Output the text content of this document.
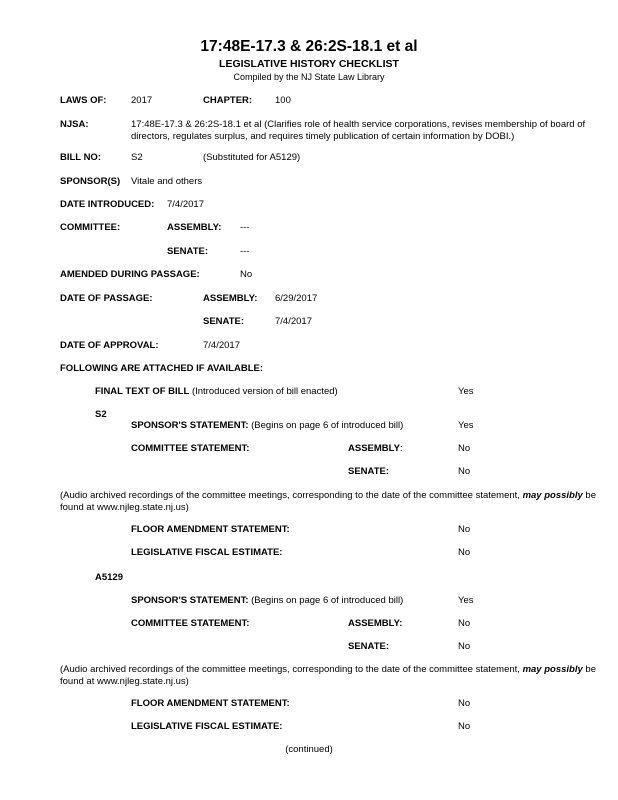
17:48E-17.3 & 26:2S-18.1 et al
LEGISLATIVE HISTORY CHECKLIST
Compiled by the NJ State Law Library
LAWS OF:	2017	CHAPTER: 100
NJSA:	17:48E-17.3 & 26:2S-18.1 et al (Clarifies role of health service corporations, revises membership of board of directors, regulates surplus, and requires timely publication of certain information by DOBI.)
BILL NO:	S2	(Substituted for A5129)
SPONSOR(S) Vitale and others
DATE INTRODUCED: 7/4/2017
COMMITTEE:	ASSEMBLY: ---
SENATE:	---
AMENDED DURING PASSAGE:	No
DATE OF PASSAGE:	ASSEMBLY: 6/29/2017
SENATE:	7/4/2017
DATE OF APPROVAL:	7/4/2017
FOLLOWING ARE ATTACHED IF AVAILABLE:
FINAL TEXT OF BILL (Introduced version of bill enacted)	Yes
S2
SPONSOR'S STATEMENT: (Begins on page 6 of introduced bill)	Yes
COMMITTEE STATEMENT:	ASSEMBLY:	No
SENATE:	No
(Audio archived recordings of the committee meetings, corresponding to the date of the committee statement, may possibly be found at www.njleg.state.nj.us)
FLOOR AMENDMENT STATEMENT:	No
LEGISLATIVE FISCAL ESTIMATE:	No
A5129
SPONSOR'S STATEMENT: (Begins on page 6 of introduced bill)	Yes
COMMITTEE STATEMENT:	ASSEMBLY:	No
SENATE:	No
(Audio archived recordings of the committee meetings, corresponding to the date of the committee statement, may possibly be found at www.njleg.state.nj.us)
FLOOR AMENDMENT STATEMENT:	No
LEGISLATIVE FISCAL ESTIMATE:	No
(continued)
